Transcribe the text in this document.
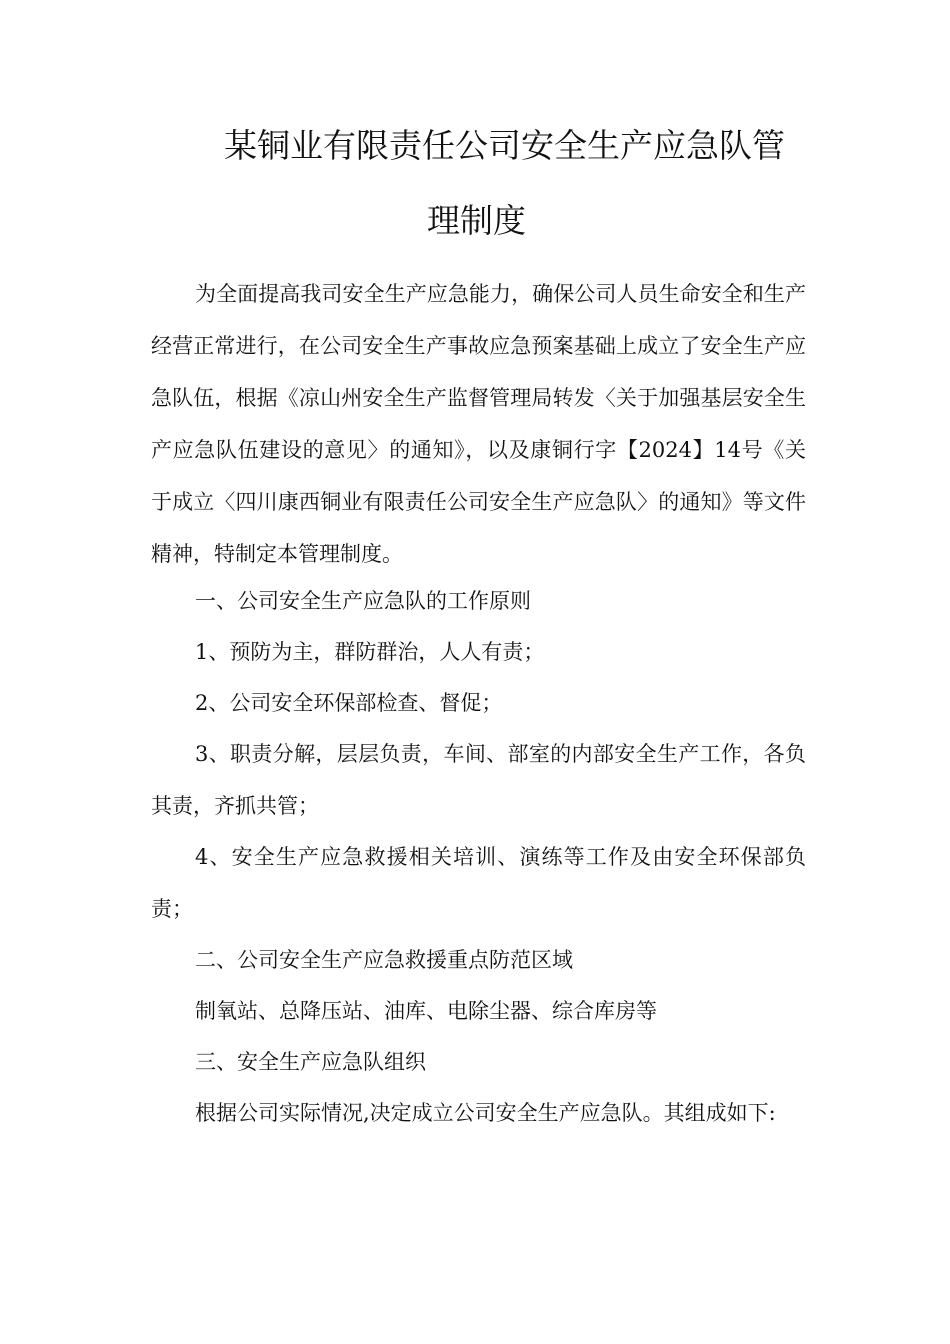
某铜业有限责任公司安全生产应急队管
理制度

为全面提高我司安全生产应急能力，确保公司人员生命安全和生产经营正常进行，在公司安全生产事故应急预案基础上成立了安全生产应急队伍，根据《凉山州安全生产监督管理局转发〈关于加强基层安全生产应急队伍建设的意见〉的通知》，以及康铜行字【2024】14号《关于成立〈四川康西铜业有限责任公司安全生产应急队〉的通知》等文件精神，特制定本管理制度。

一、公司安全生产应急队的工作原则

1、预防为主，群防群治，人人有责；

2、公司安全环保部检查、督促；

3、职责分解，层层负责，车间、部室的内部安全生产工作，各负其责，齐抓共管；

4、安全生产应急救援相关培训、演练等工作及由安全环保部负责；

二、公司安全生产应急救援重点防范区域

制氧站、总降压站、油库、电除尘器、综合库房等

三、安全生产应急队组织

根据公司实际情况,决定成立公司安全生产应急队。其组成如下:
